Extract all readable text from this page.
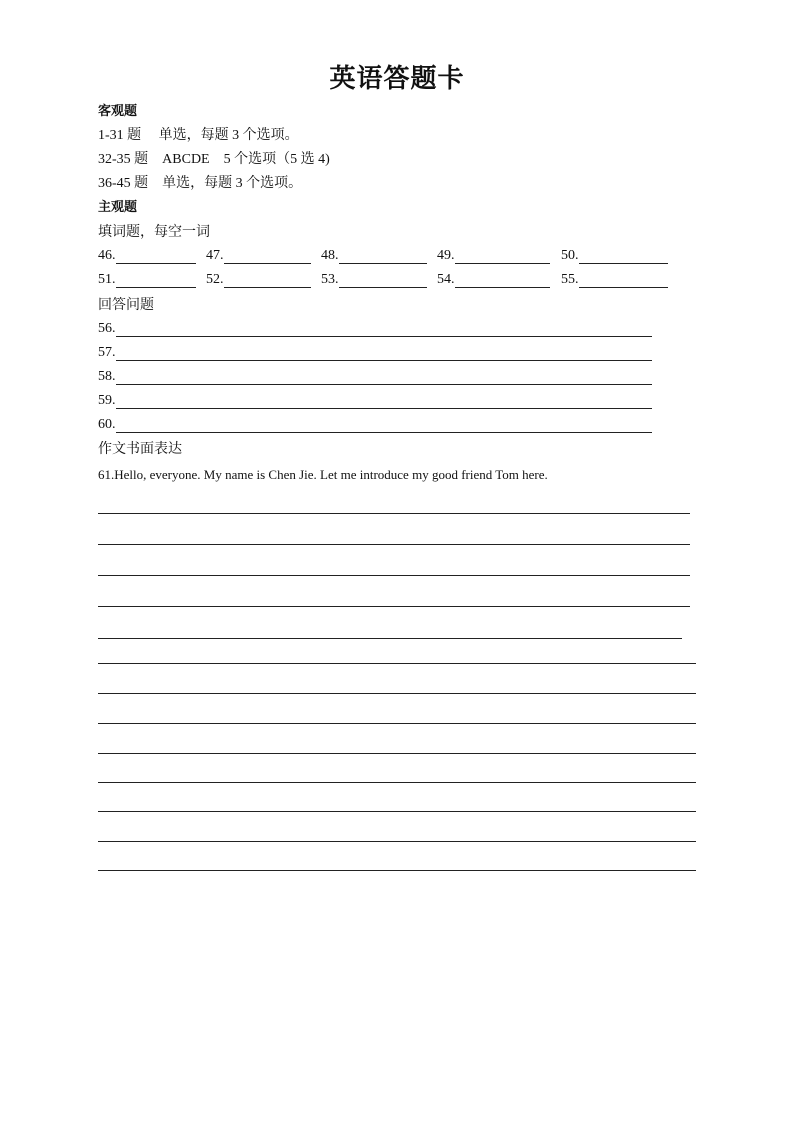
英语答题卡
客观题
1-31 题     单选，每题 3 个选项。
32-35 题    ABCDE    5 个选项（5 选 4)
36-45 题    单选，每题 3 个选项。
主观题
填词题，每空一词
46.	47.	48.	49.	50.
51.	52.	53.	54.	55.
回答问题
56.
57.
58.
59.
60.
作文书面表达
61.Hello, everyone. My name is Chen Jie. Let me introduce my good friend Tom here.
